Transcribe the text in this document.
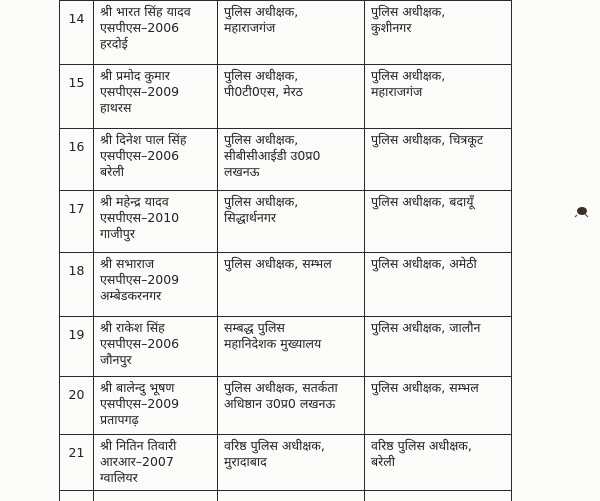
14	श्री भारत सिंह यादव
एसपीएस–2006
हरदोई	पुलिस अधीक्षक,
महाराजगंज	पुलिस अधीक्षक,
कुशीनगर

15	श्री प्रमोद कुमार
एसपीएस–2009
हाथरस	पुलिस अधीक्षक,
पी0टी0एस, मेरठ	पुलिस अधीक्षक,
महाराजगंज

16	श्री दिनेश पाल सिंह
एसपीएस–2006
बरेली	पुलिस अधीक्षक,
सीबीसीआईडी उ0प्र0
लखनऊ	पुलिस अधीक्षक, चित्रकूट

17	श्री महेन्द्र यादव
एसपीएस–2010
गाजीपुर	पुलिस अधीक्षक,
सिद्धार्थनगर	पुलिस अधीक्षक, बदायूँ

18	श्री सभाराज
एसपीएस–2009
अम्बेडकरनगर	पुलिस अधीक्षक, सम्भल	पुलिस अधीक्षक, अमेठी

19	श्री राकेश सिंह
एसपीएस–2006
जौनपुर	सम्बद्ध पुलिस
महानिदेशक मुख्यालय	पुलिस अधीक्षक, जालौन

20	श्री बालेन्दु भूषण
एसपीएस–2009
प्रतापगढ़	पुलिस अधीक्षक, सतर्कता
अधिष्ठान उ0प्र0 लखनऊ	पुलिस अधीक्षक, सम्भल

21	श्री नितिन तिवारी
आरआर–2007
ग्वालियर	वरिष्ठ पुलिस अधीक्षक,
मुरादाबाद	वरिष्ठ पुलिस अधीक्षक,
बरेली
